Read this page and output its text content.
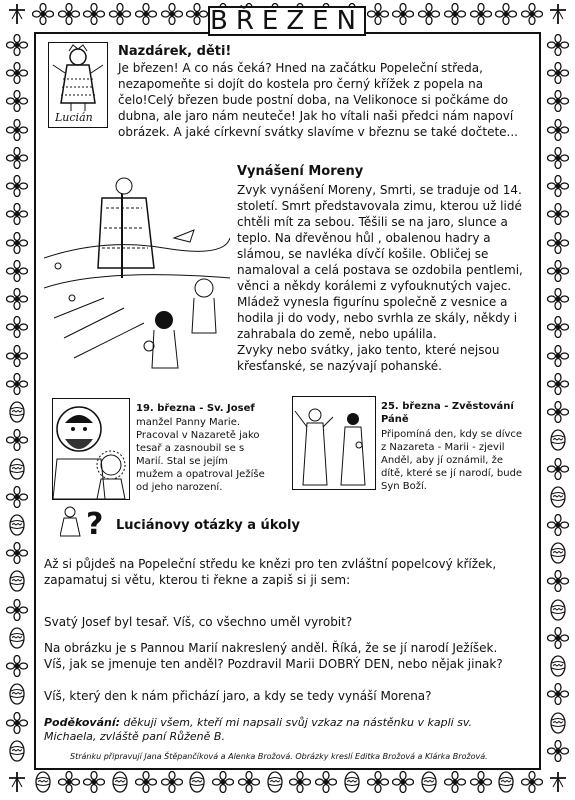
BŘEZEN
Lucián
Nazdárek, děti!
Je březen! A co nás čeká? Hned na začátku Popeleční středa, nezapomeňte si dojít do kostela pro černý křížek z popela na čelo!Celý březen bude postní doba, na Velikonoce si počkáme do dubna, ale jaro nám neuteče! Jak ho vítali naši předci nám napoví obrázek. A jaké církevní svátky slavíme v březnu se také dočtete...
Vynášení Moreny
Zvyk vynášení Moreny, Smrti, se traduje od 14. století. Smrt představovala zimu, kterou už lidé chtěli mít za sebou. Těšili se na jaro, slunce a teplo. Na dřevěnou hůl , obalenou hadry a slámou, se navléka dívčí košile. Obličej se namaloval a celá postava se ozdobila pentlemi, věnci a někdy korálemi z vyfouknutých vajec. Mládež vynesla figurínu společně z vesnice a hodila ji do vody, nebo svrhla ze skály, někdy i zahrabala do země, nebo upálila.
Zvyky nebo svátky, jako tento, které nejsou křesťanské, se nazývají pohanské.
19. března - Sv. Josef
manžel Panny Marie. Pracoval v Nazaretě jako tesař a zasnoubil se s Marií. Stal se jejím mužem a opatroval Ježíše od jeho narození.
25. března - Zvěstování Páně
Připomíná den, kdy se dívce z Nazareta - Marii - zjevil Anděl, aby jí oznámil, že dítě, které se jí narodí, bude Syn Boží.
? Luciánovy otázky a úkoly
Až si půjdeš na Popeleční středu ke knězi pro ten zvláštní popelcový křížek, zapamatuj si větu, kterou ti řekne a zapiš si ji sem:
Svatý Josef byl tesař. Víš, co všechno uměl vyrobit?
Na obrázku je s Pannou Marií nakreslený anděl. Říká, že se jí narodí Ježíšek. Víš, jak se jmenuje ten anděl? Pozdravil Marii DOBRÝ DEN, nebo nějak jinak?
Víš, který den k nám přichází jaro, a kdy se tedy vynáší Morena?
Poděkování: děkuji všem, kteří mi napsali svůj vzkaz na nástěnku v kapli sv. Michaela, zvláště paní Růženě B.
Stránku připravují Jana Štěpančíková a Alenka Brožová. Obrázky kreslí Editka Brožová a Klárka Brožová.
